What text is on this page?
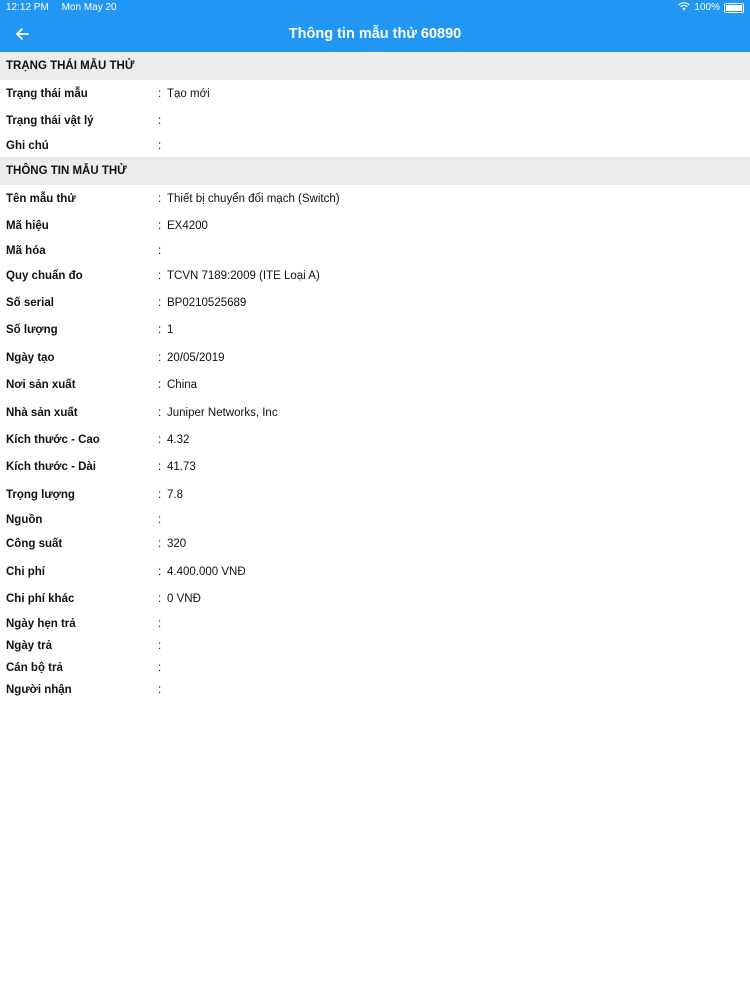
12:12 PM Mon May 20	100%
Thông tin mẫu thử 60890
TRẠNG THÁI MẪU THỬ
Trạng thái mẫu	: Tạo mới
Trạng thái vật lý	:
Ghi chú	:
THÔNG TIN MẪU THỬ
Tên mẫu thử	: Thiết bị chuyển đổi mạch (Switch)
Mã hiệu	: EX4200
Mã hóa	:
Quy chuẩn đo	: TCVN 7189:2009 (ITE Loại A)
Số serial	: BP0210525689
Số lượng	: 1
Ngày tạo	: 20/05/2019
Nơi sản xuất	: China
Nhà sản xuất	: Juniper Networks, Inc
Kích thước - Cao	: 4.32
Kích thước - Dài	: 41.73
Trọng lượng	: 7.8
Nguồn	:
Công suất	: 320
Chi phí	: 4.400.000 VNĐ
Chi phí khác	: 0 VNĐ
Ngày hẹn trả	:
Ngày trả	:
Cán bộ trả	:
Người nhận	:
